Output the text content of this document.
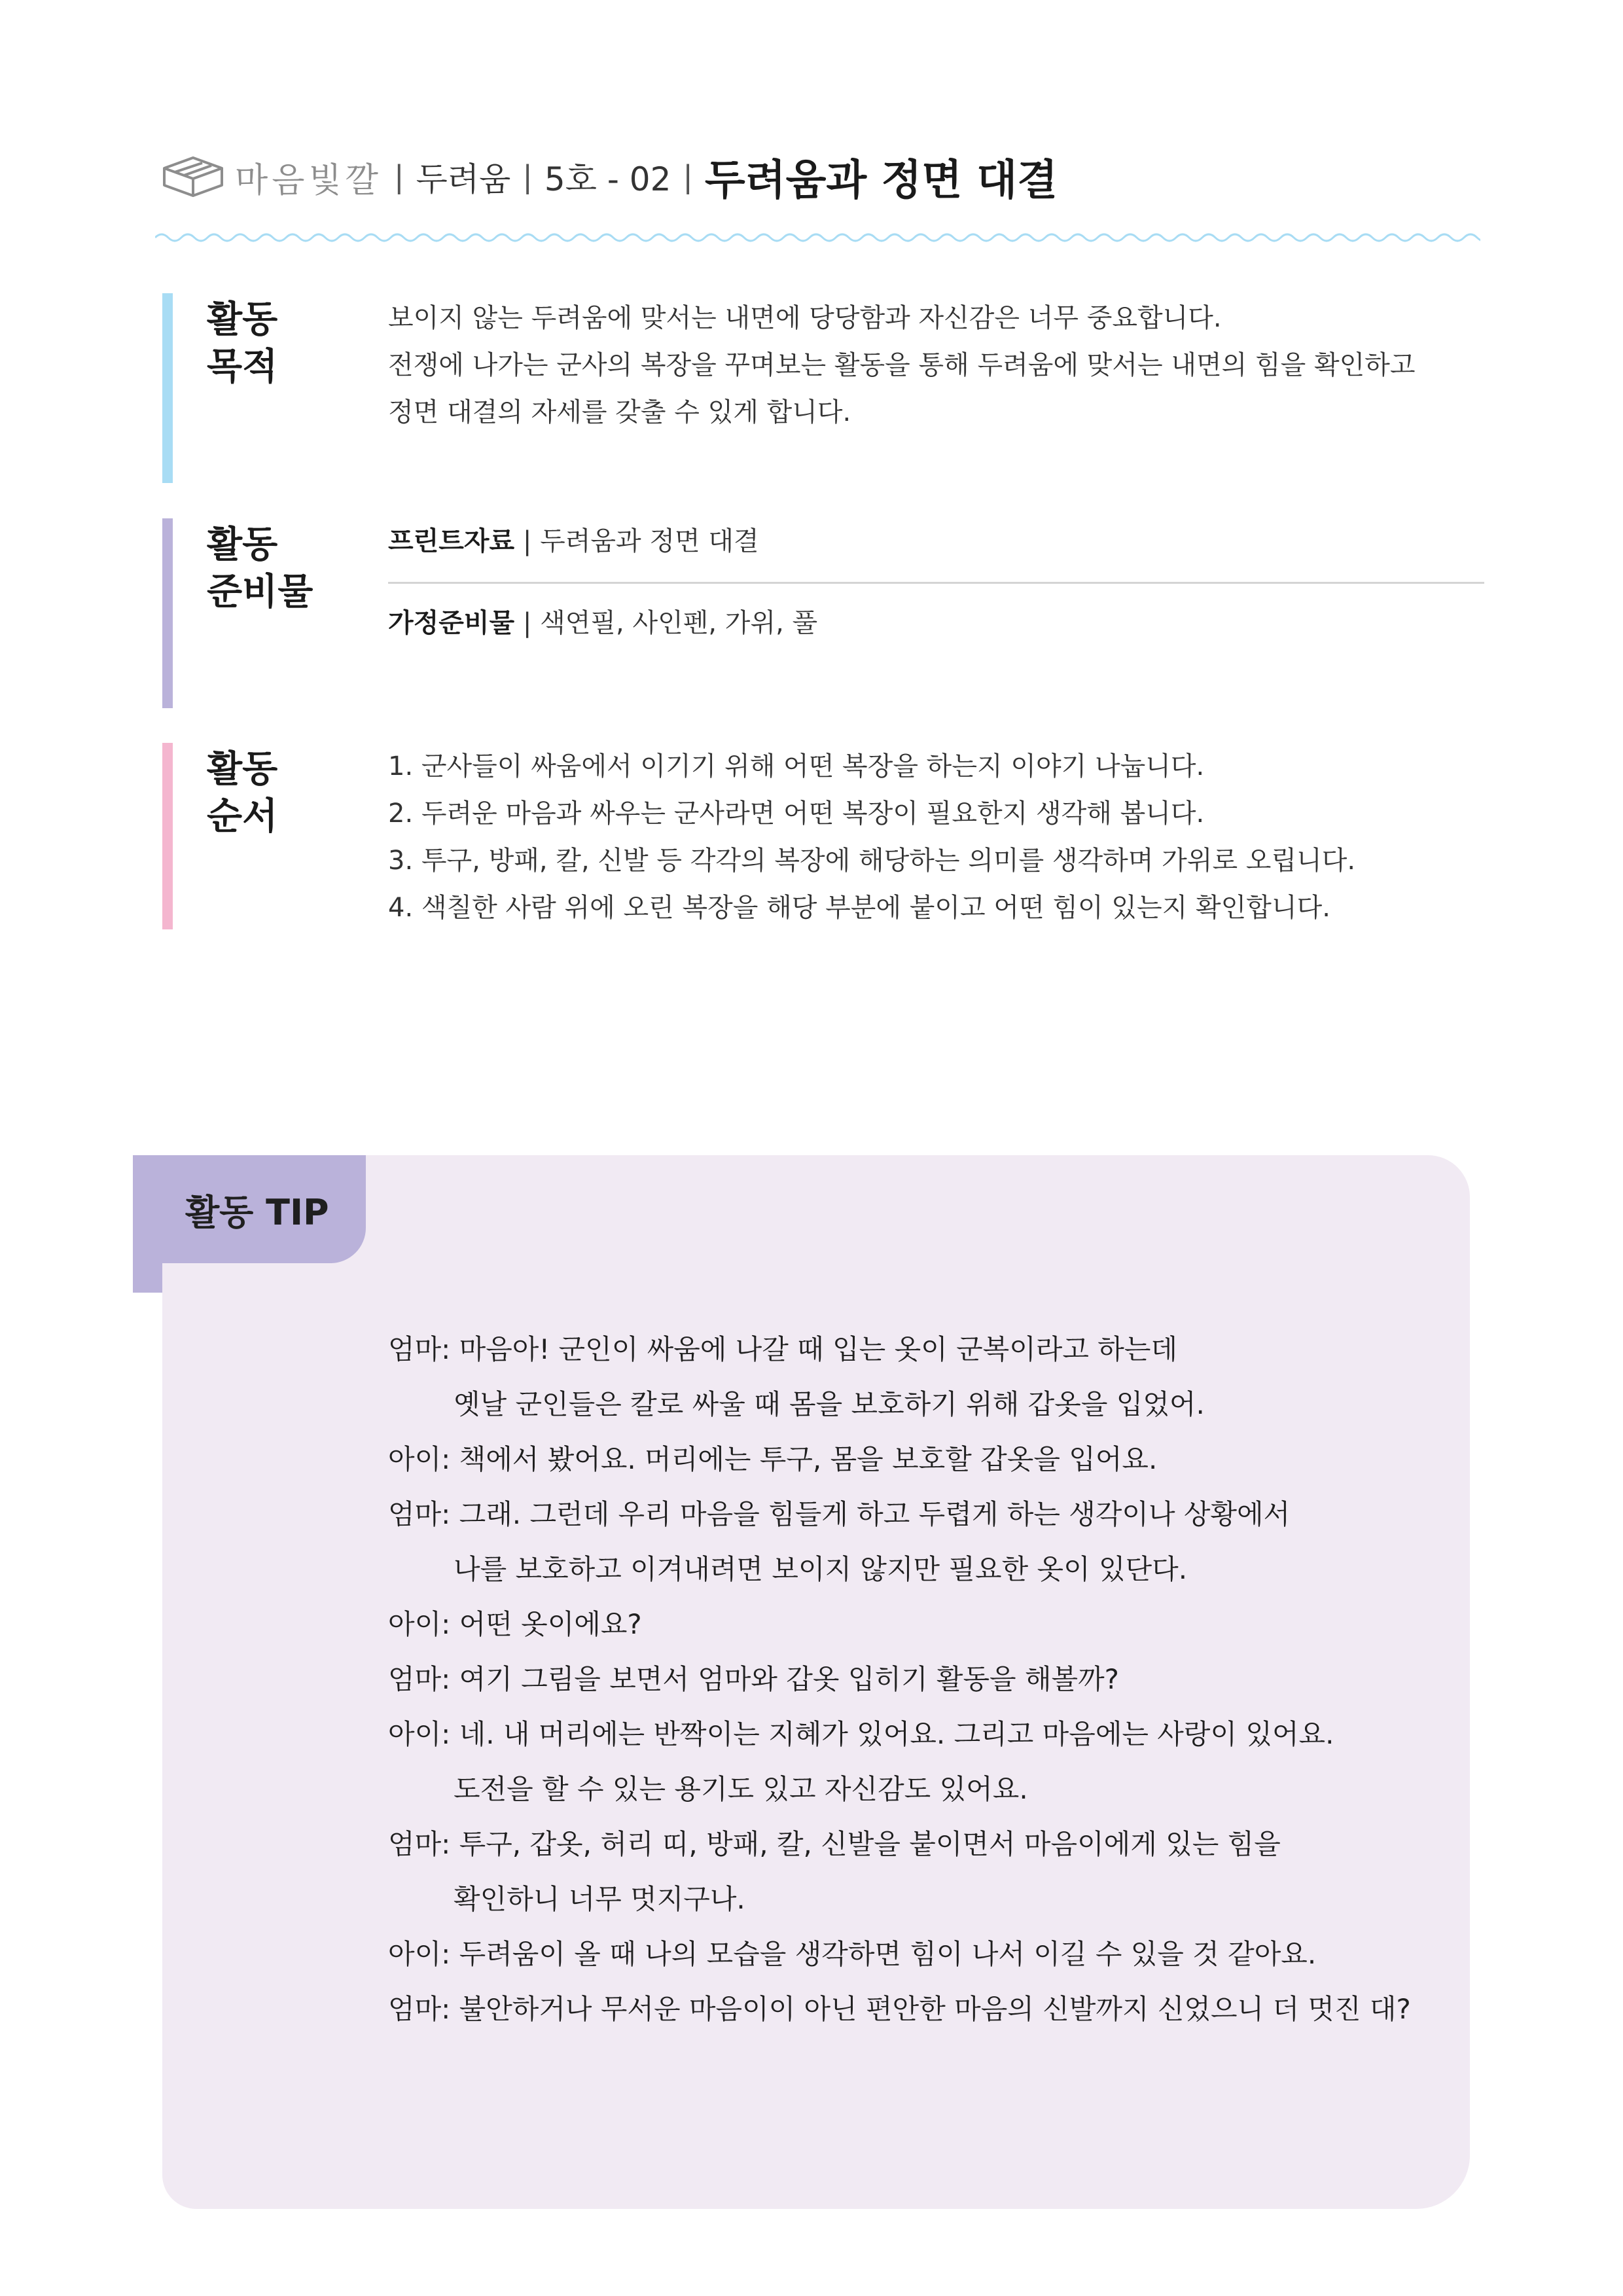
마음빛깔 | 두려움 | 5호 - 02 | 두려움과 정면 대결
활동
목적
보이지 않는 두려움에 맞서는 내면에 당당함과 자신감은 너무 중요합니다.
전쟁에 나가는 군사의 복장을 꾸며보는 활동을 통해 두려움에 맞서는 내면의 힘을 확인하고
정면 대결의 자세를 갖출 수 있게 합니다.
활동
준비물
프린트자료 | 두려움과 정면 대결
가정준비물 | 색연필, 사인펜, 가위, 풀
활동
순서
1. 군사들이 싸움에서 이기기 위해 어떤 복장을 하는지 이야기 나눕니다.
2. 두려운 마음과 싸우는 군사라면 어떤 복장이 필요한지 생각해 봅니다.
3. 투구, 방패, 칼, 신발 등 각각의 복장에 해당하는 의미를 생각하며 가위로 오립니다.
4. 색칠한 사람 위에 오린 복장을 해당 부분에 붙이고 어떤 힘이 있는지 확인합니다.
활동 TIP
엄마: 마음아! 군인이 싸움에 나갈 때 입는 옷이 군복이라고 하는데
옛날 군인들은 칼로 싸울 때 몸을 보호하기 위해 갑옷을 입었어.
아이: 책에서 봤어요. 머리에는 투구, 몸을 보호할 갑옷을 입어요.
엄마: 그래. 그런데 우리 마음을 힘들게 하고 두렵게 하는 생각이나 상황에서
나를 보호하고 이겨내려면 보이지 않지만 필요한 옷이 있단다.
아이: 어떤 옷이에요?
엄마: 여기 그림을 보면서 엄마와 갑옷 입히기 활동을 해볼까?
아이: 네. 내 머리에는 반짝이는 지혜가 있어요. 그리고 마음에는 사랑이 있어요.
도전을 할 수 있는 용기도 있고 자신감도 있어요.
엄마: 투구, 갑옷, 허리 띠, 방패, 칼, 신발을 붙이면서 마음이에게 있는 힘을
확인하니 너무 멋지구나.
아이: 두려움이 올 때 나의 모습을 생각하면 힘이 나서 이길 수 있을 것 같아요.
엄마: 불안하거나 무서운 마음이이 아닌 편안한 마음의 신발까지 신었으니 더 멋진 대?
